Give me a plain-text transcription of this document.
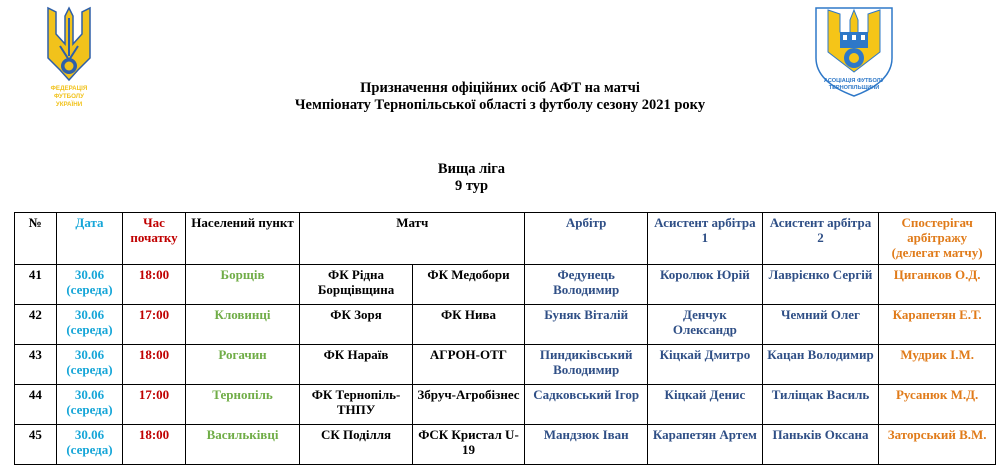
ФЕДЕРАЦІЯ
ФУТБОЛУ
УКРАЇНИ
АСОЦІАЦІЯ ФУТБОЛУ
ТЕРНОПІЛЬЩИНИ
Призначення офіційних осіб АФТ на матчі
Чемпіонату Тернопільської області з футболу сезону 2021 року
Вища ліга
9 тур
№	Дата	Час початку	Населений пункт	Матч		Арбітр	Асистент арбітра 1	Асистент арбітра 2	Спостерігач арбітражу (делегат матчу)
41	30.06 (середа)	18:00	Борщів	ФК Рідна Борщівщина	ФК Медобори	Федунець Володимир	Королюк Юрій	Лаврієнко Сергій	Циганков О.Д.
42	30.06 (середа)	17:00	Кловинці	ФК Зоря	ФК Нива	Буняк Віталій	Денчук Олександр	Чемний Олег	Карапетян Е.Т.
43	30.06 (середа)	18:00	Рогачин	ФК Нараїв	АГРОН-ОТГ	Пиндиківський Володимир	Кіцкай Дмитро	Кацан Володимир	Мудрик І.М.
44	30.06 (середа)	17:00	Тернопіль	ФК Тернопіль-ТНПУ	Збруч-Агробізнес	Садковський Ігор	Кіцкай Денис	Тиліщак Василь	Русанюк М.Д.
45	30.06 (середа)	18:00	Васильківці	СК Поділля	ФСК Кристал U-19	Мандзюк Іван	Карапетян Артем	Паньків Оксана	Заторський В.М.
